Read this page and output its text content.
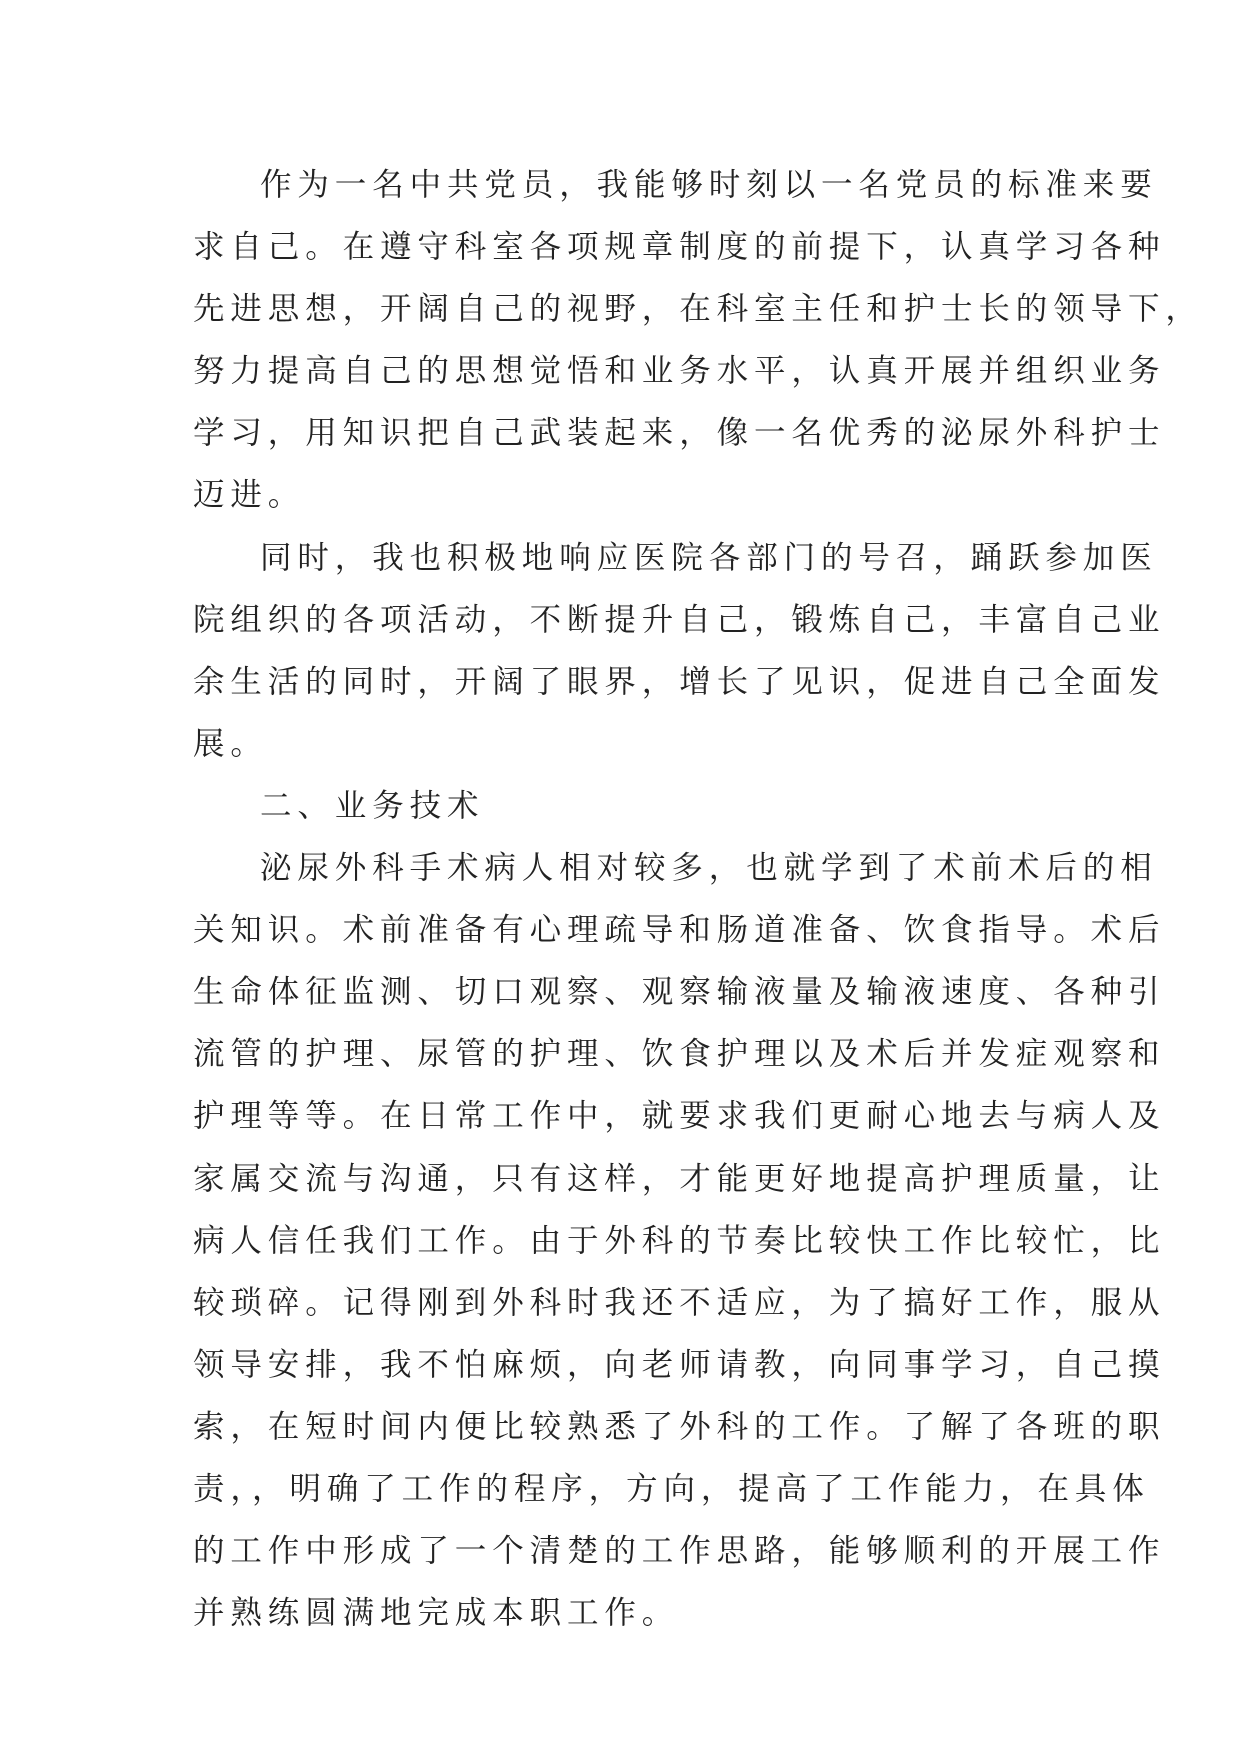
作为一名中共党员，我能够时刻以一名党员的标准来要
求自己。在遵守科室各项规章制度的前提下，认真学习各种
先进思想，开阔自己的视野，在科室主任和护士长的领导下，
努力提高自己的思想觉悟和业务水平，认真开展并组织业务
学习，用知识把自己武装起来，像一名优秀的泌尿外科护士
迈进。
同时，我也积极地响应医院各部门的号召，踊跃参加医
院组织的各项活动，不断提升自己，锻炼自己，丰富自己业
余生活的同时，开阔了眼界，增长了见识，促进自己全面发
展。
二、业务技术
泌尿外科手术病人相对较多，也就学到了术前术后的相
关知识。术前准备有心理疏导和肠道准备、饮食指导。术后
生命体征监测、切口观察、观察输液量及输液速度、各种引
流管的护理、尿管的护理、饮食护理以及术后并发症观察和
护理等等。在日常工作中，就要求我们更耐心地去与病人及
家属交流与沟通，只有这样，才能更好地提高护理质量，让
病人信任我们工作。由于外科的节奏比较快工作比较忙，比
较琐碎。记得刚到外科时我还不适应，为了搞好工作，服从
领导安排，我不怕麻烦，向老师请教，向同事学习，自己摸
索，在短时间内便比较熟悉了外科的工作。了解了各班的职
责，，明确了工作的程序，方向，提高了工作能力，在具体
的工作中形成了一个清楚的工作思路，能够顺利的开展工作
并熟练圆满地完成本职工作。
